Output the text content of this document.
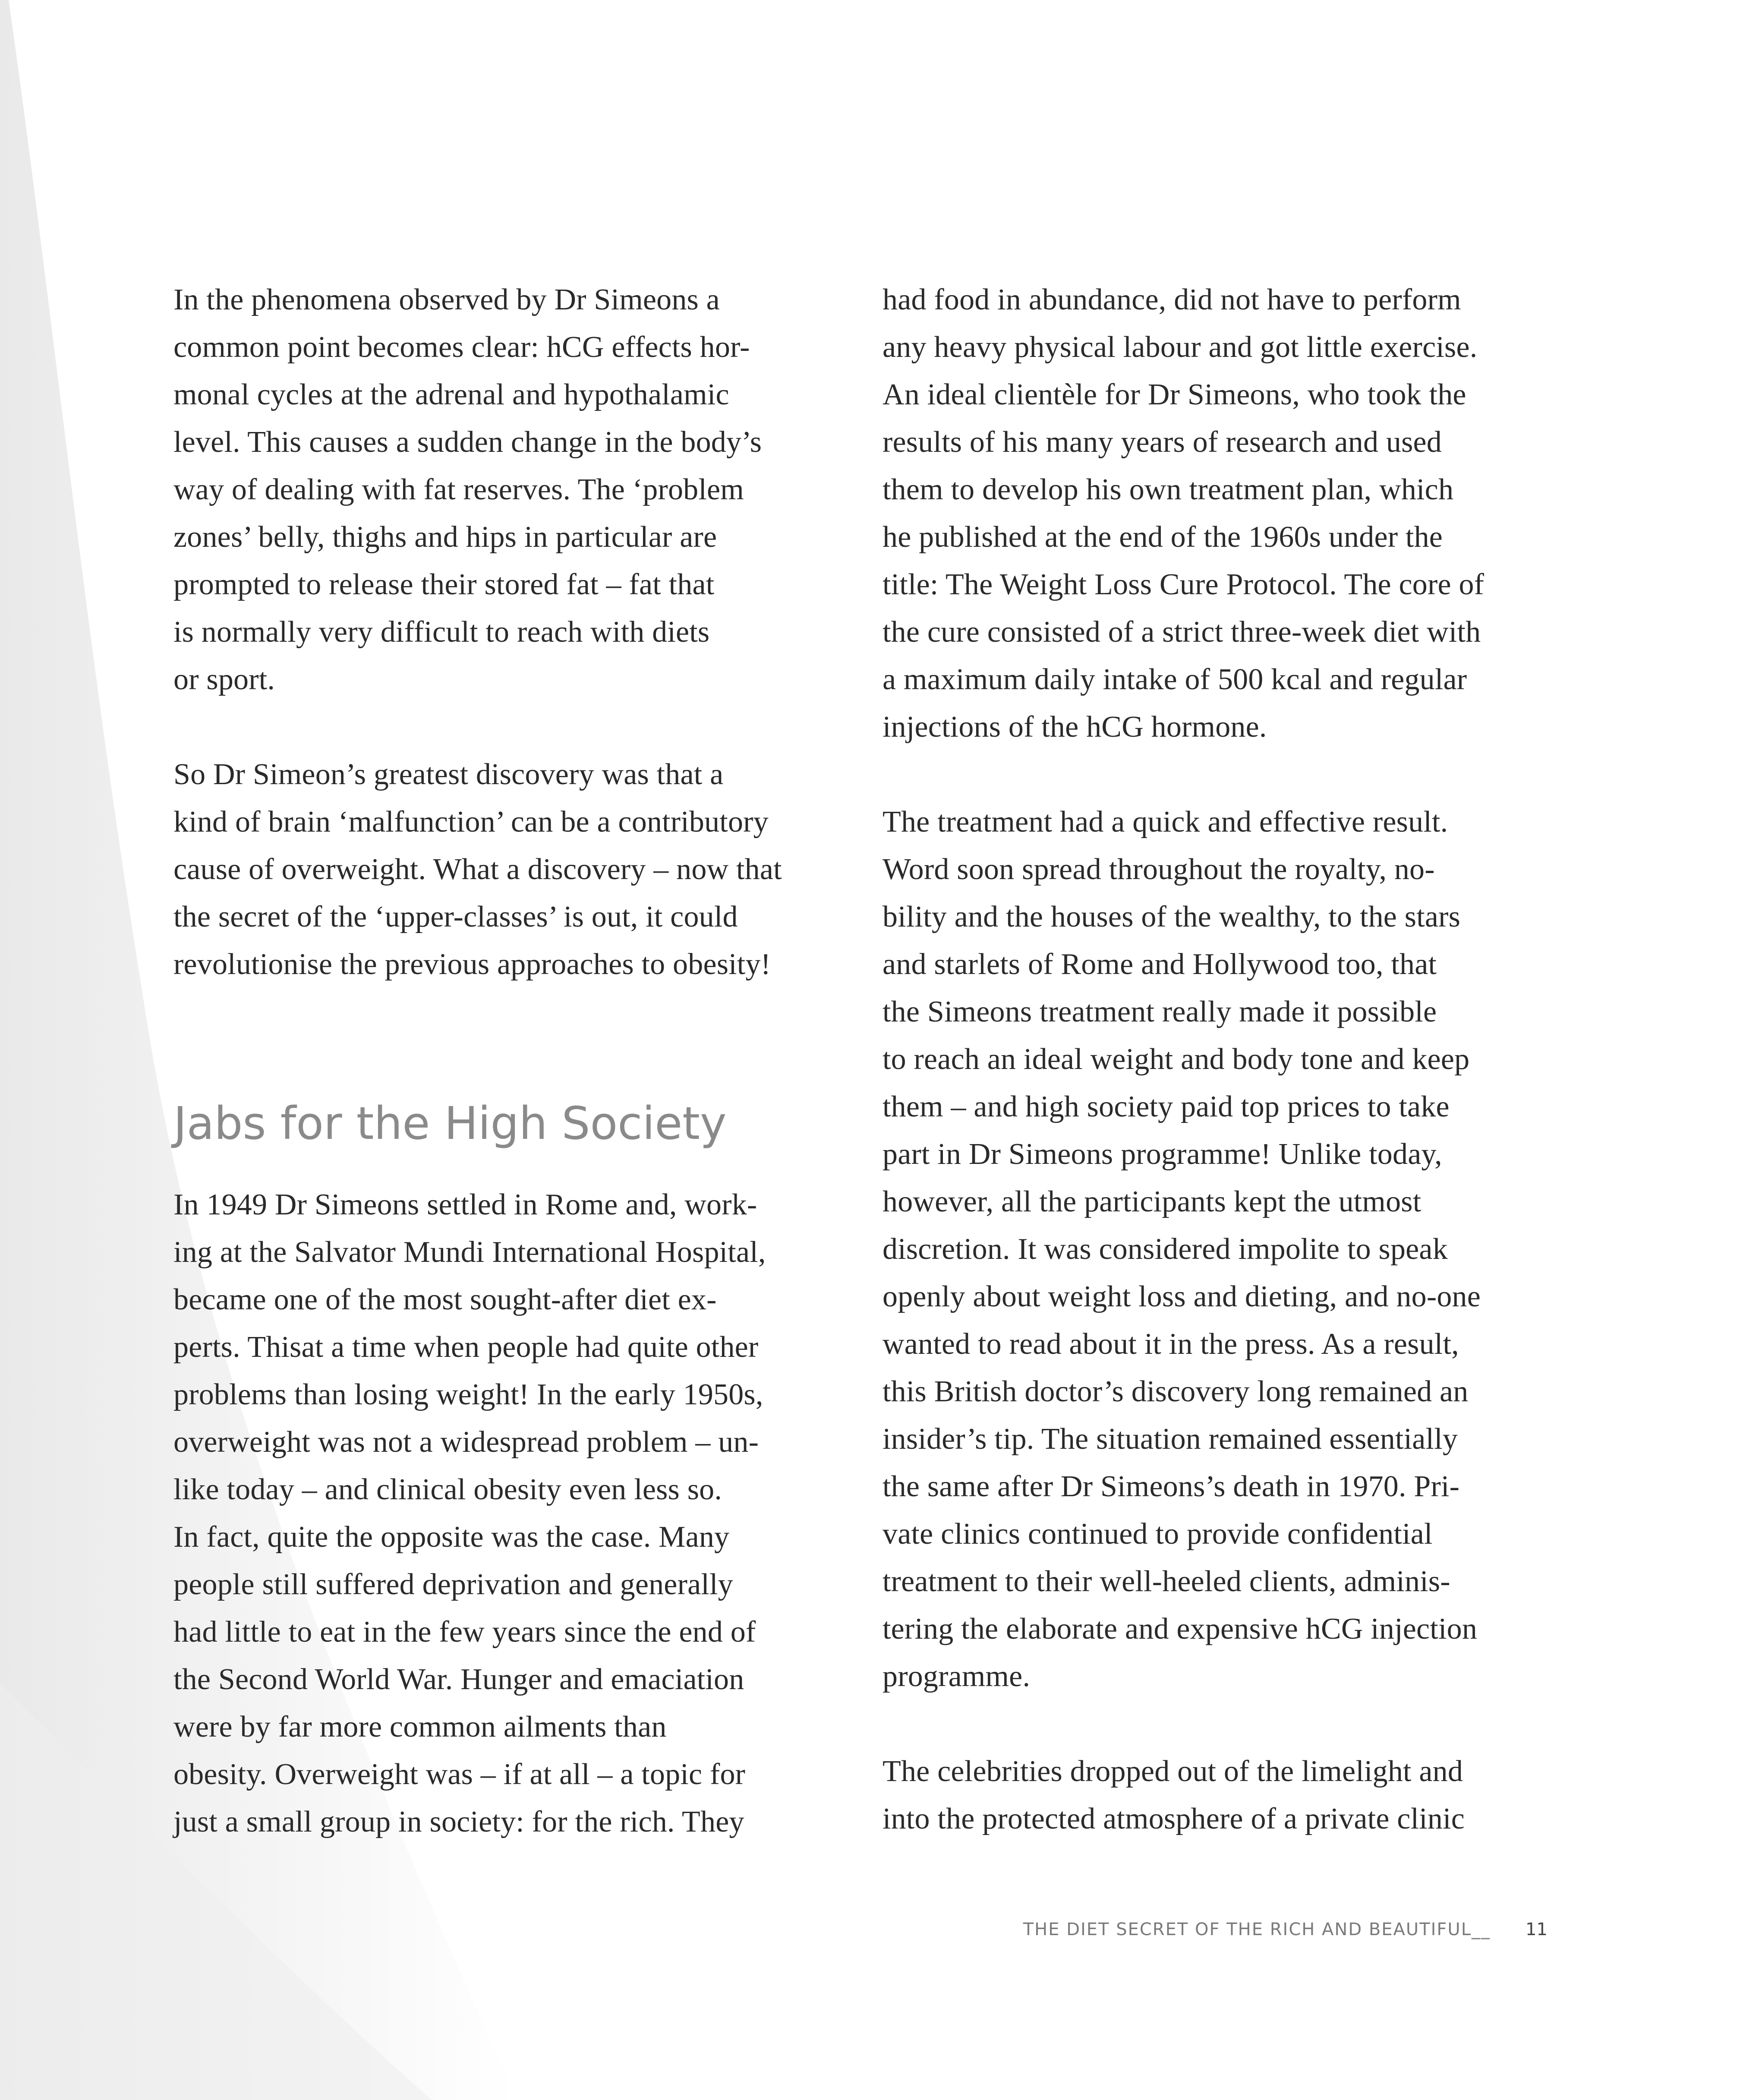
In the phenomena observed by Dr Simeons a
common point becomes clear: hCG effects hor-
monal cycles at the adrenal and hypothalamic
level. This causes a sudden change in the body’s
way of dealing with fat reserves. The ‘problem
zones’ belly, thighs and hips in particular are
prompted to release their stored fat – fat that
is normally very difficult to reach with diets
or sport.

So Dr Simeon’s greatest discovery was that a
kind of brain ‘malfunction’ can be a contributory
cause of overweight. What a discovery – now that
the secret of the ‘upper-classes’ is out, it could
revolutionise the previous approaches to obesity!

Jabs for the High Society

In 1949 Dr Simeons settled in Rome and, work-
ing at the Salvator Mundi International Hospital,
became one of the most sought-after diet ex-
perts. Thisat a time when people had quite other
problems than losing weight! In the early 1950s,
overweight was not a widespread problem – un-
like today – and clinical obesity even less so.
In fact, quite the opposite was the case. Many
people still suffered deprivation and generally
had little to eat in the few years since the end of
the Second World War. Hunger and emaciation
were by far more common ailments than
obesity. Overweight was – if at all – a topic for
just a small group in society: for the rich. They

had food in abundance, did not have to perform
any heavy physical labour and got little exercise.
An ideal clientèle for Dr Simeons, who took the
results of his many years of research and used
them to develop his own treatment plan, which
he published at the end of the 1960s under the
title: The Weight Loss Cure Protocol. The core of
the cure consisted of a strict three-week diet with
a maximum daily intake of 500 kcal and regular
injections of the hCG hormone.

The treatment had a quick and effective result.
Word soon spread throughout the royalty, no-
bility and the houses of the wealthy, to the stars
and starlets of Rome and Hollywood too, that
the Simeons treatment really made it possible
to reach an ideal weight and body tone and keep
them – and high society paid top prices to take
part in Dr Simeons programme! Unlike today,
however, all the participants kept the utmost
discretion. It was considered impolite to speak
openly about weight loss and dieting, and no-one
wanted to read about it in the press. As a result,
this British doctor’s discovery long remained an
insider’s tip. The situation remained essentially
the same after Dr Simeons’s death in 1970. Pri-
vate clinics continued to provide confidential
treatment to their well-heeled clients, adminis-
tering the elaborate and expensive hCG injection
programme.

The celebrities dropped out of the limelight and
into the protected atmosphere of a private clinic

THE DIET SECRET OF THE RICH AND BEAUTIFUL__ 11
